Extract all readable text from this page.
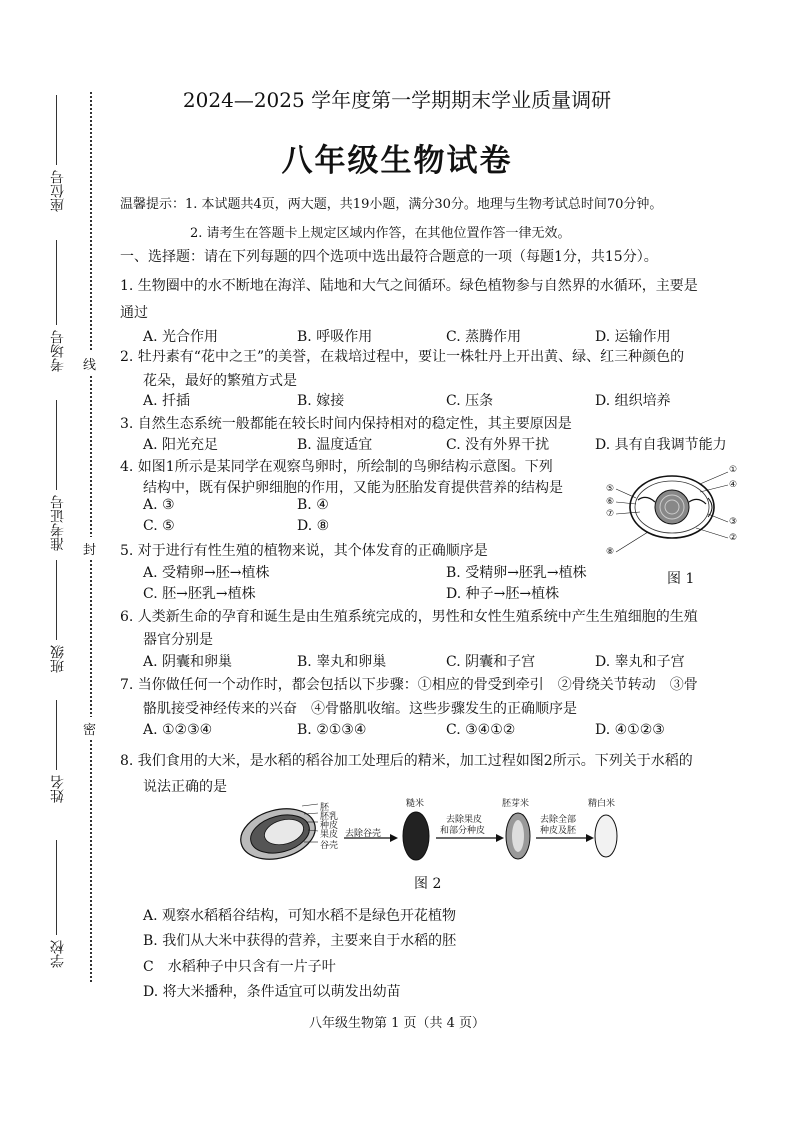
座位号
考场号
准考证号
班级
姓名
学校
线
封
密
2024—2025 学年度第一学期期末学业质量调研
八年级生物试卷
温馨提示：1. 本试题共4页，两大题，共19小题，满分30分。地理与生物考试总时间70分钟。
2. 请考生在答题卡上规定区域内作答，在其他位置作答一律无效。
一、选择题：请在下列每题的四个选项中选出最符合题意的一项（每题1分，共15分）。
1. 生物圈中的水不断地在海洋、陆地和大气之间循环。绿色植物参与自然界的水循环，主要是
通过
A. 光合作用	B. 呼吸作用	C. 蒸腾作用	D. 运输作用
2. 牡丹素有“花中之王”的美誉，在栽培过程中，要让一株牡丹上开出黄、绿、红三种颜色的
花朵，最好的繁殖方式是
A. 扦插	B. 嫁接	C. 压条	D. 组织培养
3. 自然生态系统一般都能在较长时间内保持相对的稳定性，其主要原因是
A. 阳光充足	B. 温度适宜	C. 没有外界干扰	D. 具有自我调节能力
4. 如图1所示是某同学在观察鸟卵时，所绘制的鸟卵结构示意图。下列
结构中，既有保护卵细胞的作用，又能为胚胎发育提供营养的结构是
A. ③	B. ④
C. ⑤	D. ⑧
①
④
③
②
⑤
⑥
⑦
⑧
图 1
5. 对于进行有性生殖的植物来说，其个体发育的正确顺序是
A. 受精卵→胚→植株	B. 受精卵→胚乳→植株
C. 胚→胚乳→植株	D. 种子→胚→植株
6. 人类新生命的孕育和诞生是由生殖系统完成的，男性和女性生殖系统中产生生殖细胞的生殖
器官分别是
A. 阴囊和卵巢	B. 睾丸和卵巢	C. 阴囊和子宫	D. 睾丸和子宫
7. 当你做任何一个动作时，都会包括以下步骤：①相应的骨受到牵引　②骨绕关节转动　③骨
骼肌接受神经传来的兴奋　④骨骼肌收缩。这些步骤发生的正确顺序是
A. ①②③④	B. ②①③④	C. ③④①②	D. ④①②③
8. 我们食用的大米，是水稻的稻谷加工处理后的精米，加工过程如图2所示。下列关于水稻的
说法正确的是
胚
胚乳
种皮
果皮
谷壳
去除谷壳
糙米
去除果皮
和部分种皮
胚芽米
去除全部
种皮及胚
精白米
图 2
A. 观察水稻稻谷结构，可知水稻不是绿色开花植物
B. 我们从大米中获得的营养，主要来自于水稻的胚
C　水稻种子中只含有一片子叶
D. 将大米播种，条件适宜可以萌发出幼苗
八年级生物第 1 页（共 4 页）
